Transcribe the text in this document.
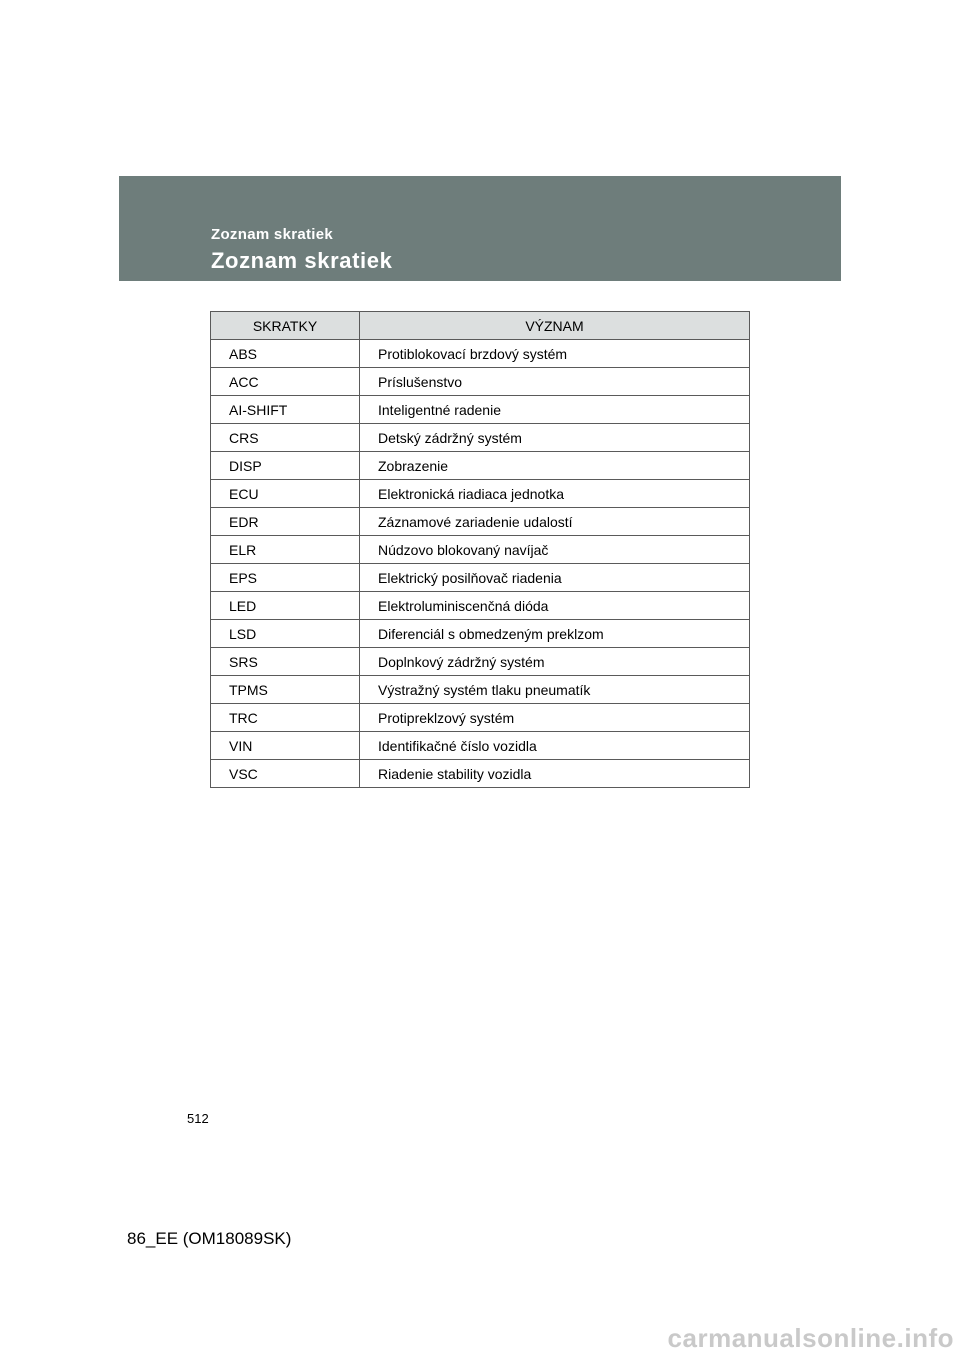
Zoznam skratiek
Zoznam skratiek
SKRATKY	VÝZNAM
ABS	Protiblokovací brzdový systém
ACC	Príslušenstvo
AI-SHIFT	Inteligentné radenie
CRS	Detský zádržný systém
DISP	Zobrazenie
ECU	Elektronická riadiaca jednotka
EDR	Záznamové zariadenie udalostí
ELR	Núdzovo blokovaný navíjač
EPS	Elektrický posilňovač riadenia
LED	Elektroluminiscenčná dióda
LSD	Diferenciál s obmedzeným preklzom
SRS	Doplnkový zádržný systém
TPMS	Výstražný systém tlaku pneumatík
TRC	Protipreklzový systém
VIN	Identifikačné číslo vozidla
VSC	Riadenie stability vozidla
512
86_EE (OM18089SK)
carmanualsonline.info
